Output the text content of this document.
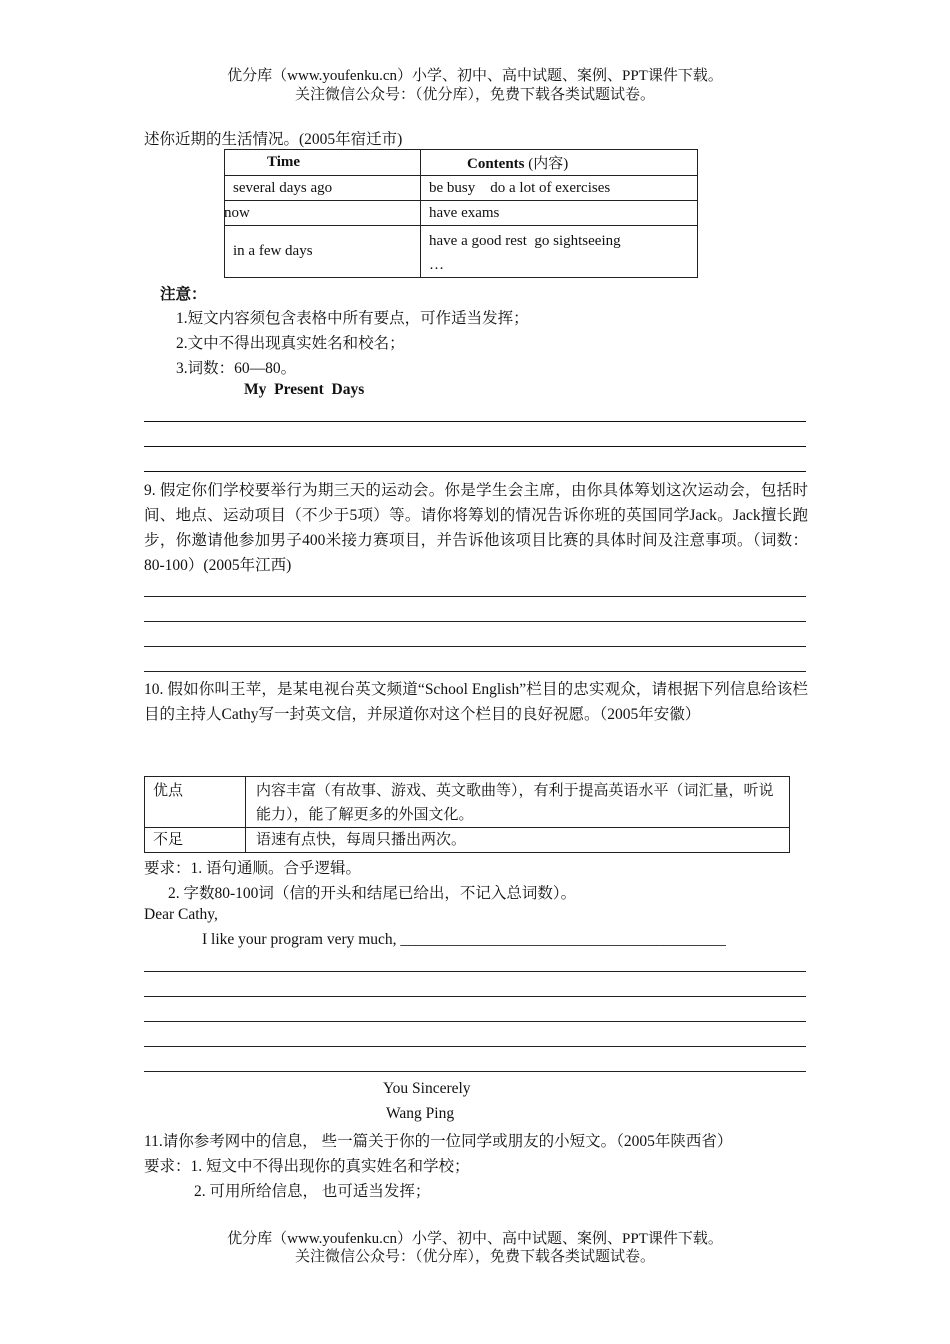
优分库（www.youfenku.cn）小学、初中、高中试题、案例、PPT课件下载。
关注微信公众号：（优分库），免费下载各类试题试卷。
述你近期的生活情况。(2005年宿迁市)
Time	Contents (内容)
several days ago	be busy    do a lot of exercises
now	have exams
in a few days	have a good rest  go sightseeing
…
注意：
1.短文内容须包含表格中所有要点，可作适当发挥；
2.文中不得出现真实姓名和校名；
3.词数：60—80。
My  Present  Days
9. 假定你们学校要举行为期三天的运动会。你是学生会主席，由你具体筹划这次运动会，包括时间、地点、运动项目（不少于5项）等。请你将筹划的情况告诉你班的英国同学Jack。Jack擅长跑步，你邀请他参加男子400米接力赛项目，并告诉他该项目比赛的具体时间及注意事项。（词数：80-100）(2005年江西)
10. 假如你叫王苹，是某电视台英文频道“School English”栏目的忠实观众，请根据下列信息给该栏目的主持人Cathy写一封英文信，并尿道你对这个栏目的良好祝愿。（2005年安徽）
优点	内容丰富（有故事、游戏、英文歌曲等），有利于提高英语水平（词汇量，听说能力），能了解更多的外国文化。
不足	语速有点快，每周只播出两次。
要求：1. 语句通顺。合乎逻辑。
2. 字数80-100词（信的开头和结尾已给出，不记入总词数）。
Dear Cathy,
I like your program very much, __________________________________________
You Sincerely
Wang Ping
11.请你参考网中的信息， 些一篇关于你的一位同学或朋友的小短文。（2005年陕西省）
要求：1. 短文中不得出现你的真实姓名和学校；
2. 可用所给信息， 也可适当发挥；
优分库（www.youfenku.cn）小学、初中、高中试题、案例、PPT课件下载。
关注微信公众号：（优分库），免费下载各类试题试卷。
